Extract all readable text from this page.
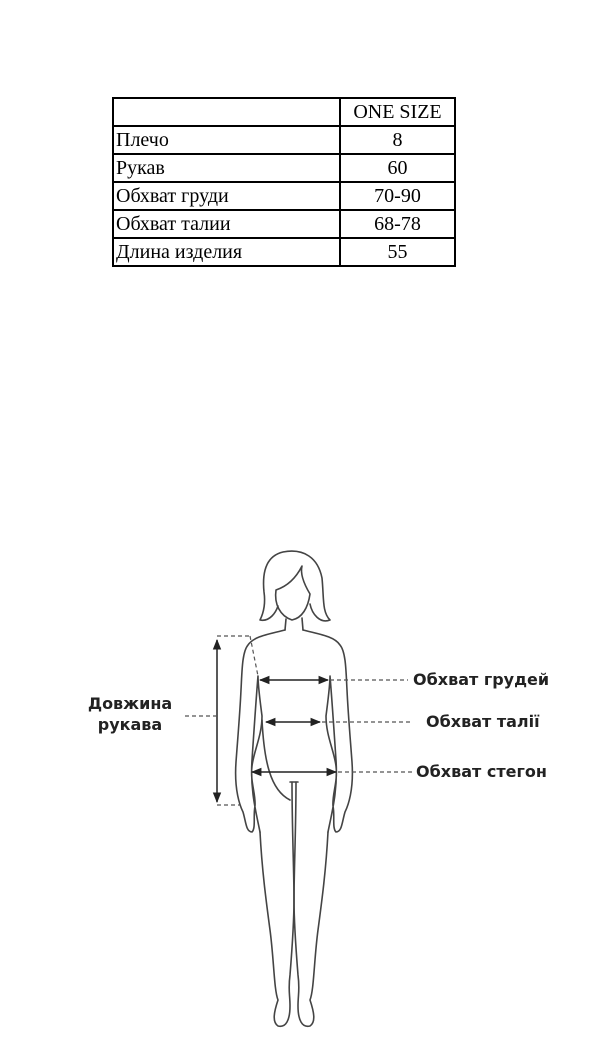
	ONE SIZE
Плечо	8
Рукав	60
Обхват груди	70-90
Обхват талии	68-78
Длина изделия	55
Довжина
рукава
Обхват грудей
Обхват талії
Обхват стегон
